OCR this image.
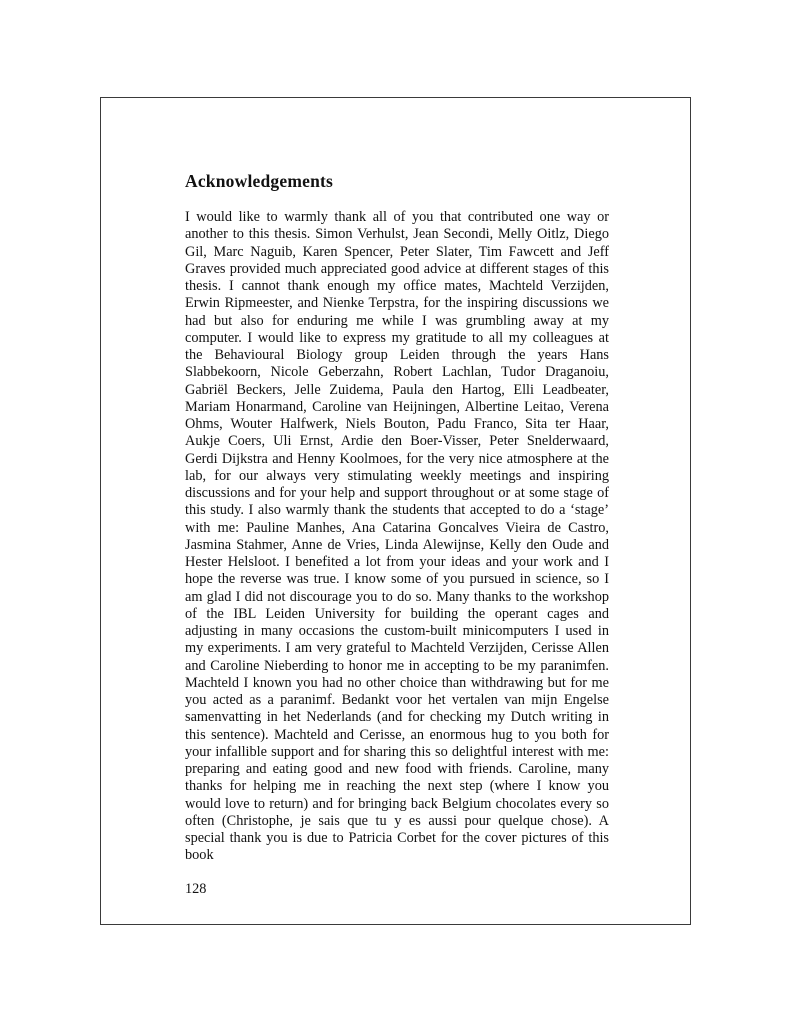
Acknowledgements

I would like to warmly thank all of you that contributed one way or another to this thesis. Simon Verhulst, Jean Secondi, Melly Oitlz, Diego Gil, Marc Naguib, Karen Spencer, Peter Slater, Tim Fawcett and Jeff Graves provided much appreciated good advice at different stages of this thesis. I cannot thank enough my office mates, Machteld Verzijden, Erwin Ripmeester, and Nienke Terpstra, for the inspiring discussions we had but also for enduring me while I was grumbling away at my computer. I would like to express my gratitude to all my colleagues at the Behavioural Biology group Leiden through the years Hans Slabbekoorn, Nicole Geberzahn, Robert Lachlan, Tudor Draganoiu, Gabriël Beckers, Jelle Zuidema, Paula den Hartog, Elli Leadbeater, Mariam Honarmand, Caroline van Heijningen, Albertine Leitao, Verena Ohms, Wouter Halfwerk, Niels Bouton, Padu Franco, Sita ter Haar, Aukje Coers, Uli Ernst, Ardie den Boer-Visser, Peter Snelderwaard, Gerdi Dijkstra and Henny Koolmoes, for the very nice atmosphere at the lab, for our always very stimulating weekly meetings and inspiring discussions and for your help and support throughout or at some stage of this study. I also warmly thank the students that accepted to do a ‘stage’ with me: Pauline Manhes, Ana Catarina Goncalves Vieira de Castro, Jasmina Stahmer, Anne de Vries, Linda Alewijnse, Kelly den Oude and Hester Helsloot. I benefited a lot from your ideas and your work and I hope the reverse was true. I know some of you pursued in science, so I am glad I did not discourage you to do so. Many thanks to the workshop of the IBL Leiden University for building the operant cages and adjusting in many occasions the custom-built minicomputers I used in my experiments. I am very grateful to Machteld Verzijden, Cerisse Allen and Caroline Nieberding to honor me in accepting to be my paranimfen. Machteld I known you had no other choice than withdrawing but for me you acted as a paranimf. Bedankt voor het vertalen van mijn Engelse samenvatting in het Nederlands (and for checking my Dutch writing in this sentence). Machteld and Cerisse, an enormous hug to you both for your infallible support and for sharing this so delightful interest with me: preparing and eating good and new food with friends. Caroline, many thanks for helping me in reaching the next step (where I know you would love to return) and for bringing back Belgium chocolates every so often (Christophe, je sais que tu y es aussi pour quelque chose). A special thank you is due to Patricia Corbet for the cover pictures of this book

128
